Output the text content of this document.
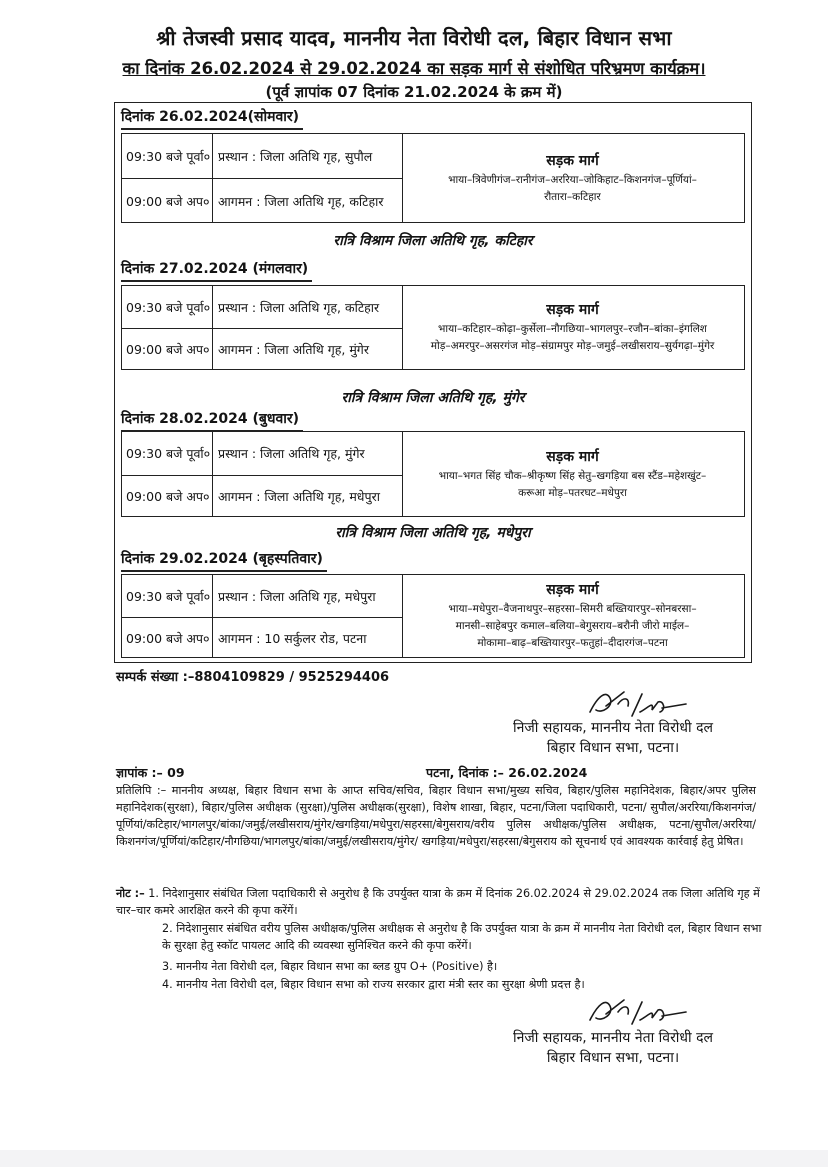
श्री तेजस्वी प्रसाद यादव, माननीय नेता विरोधी दल, बिहार विधान सभा
का दिनांक 26.02.2024 से 29.02.2024 का सड़क मार्ग से संशोधित परिभ्रमण कार्यक्रम।
(पूर्व ज्ञापांक 07 दिनांक 21.02.2024 के क्रम में)
दिनांक 26.02.2024(सोमवार)
09:30 बजे पूर्वा० प्रस्थान : जिला अतिथि गृह, सुपौल
09:00 बजे अप० आगमन : जिला अतिथि गृह, कटिहार
सड़क मार्ग
भाया–त्रिवेणीगंज–रानीगंज–अररिया–जोकिहाट–किशनगंज–पूर्णियां–
रौतारा–कटिहार
रात्रि विश्राम जिला अतिथि गृह, कटिहार
दिनांक 27.02.2024 (मंगलवार)
09:30 बजे पूर्वा० प्रस्थान : जिला अतिथि गृह, कटिहार
09:00 बजे अप० आगमन : जिला अतिथि गृह, मुंगेर
सड़क मार्ग
भाया–कटिहार–कोढ़ा–कुर्सेला–नौगछिया–भागलपुर–रजौन–बांका–इंगलिश
मोड़–अमरपुर–असरगंज मोड़–संग्रामपुर मोड़–जमुई–लखीसराय–सुर्यगढ़ा–मुंगेर
रात्रि विश्राम जिला अतिथि गृह, मुंगेर
दिनांक 28.02.2024 (बुधवार)
09:30 बजे पूर्वा० प्रस्थान : जिला अतिथि गृह, मुंगेर
09:00 बजे अप० आगमन : जिला अतिथि गृह, मधेपुरा
सड़क मार्ग
भाया–भगत सिंह चौक–श्रीकृष्ण सिंह सेतु–खगड़िया बस स्टैंड–महेशखुंट–
करूआ मोड़–पतरघट–मधेपुरा
रात्रि विश्राम जिला अतिथि गृह, मधेपुरा
दिनांक 29.02.2024 (बृहस्पतिवार)
09:30 बजे पूर्वा० प्रस्थान : जिला अतिथि गृह, मधेपुरा
09:00 बजे अप० आगमन : 10 सर्कुलर रोड, पटना
सड़क मार्ग
भाया–मधेपुरा–वैजनाथपुर–सहरसा–सिमरी बख्तियारपुर–सोनबरसा–
मानसी–साहेबपुर कमाल–बलिया–बेगुसराय–बरौनी जीरो माईल–
मोकामा–बाढ़–बख्तियारपुर–फतुहां–दीदारगंज–पटना
सम्पर्क संख्या :–8804109829 / 9525294406
निजी सहायक, माननीय नेता विरोधी दल
बिहार विधान सभा, पटना।
ज्ञापांक :– 09	पटना, दिनांक :– 26.02.2024
प्रतिलिपि :– माननीय अध्यक्ष, बिहार विधान सभा के आप्त सचिव/सचिव, बिहार विधान सभा/मुख्य सचिव, बिहार/पुलिस महानिदेशक, बिहार/अपर पुलिस महानिदेशक(सुरक्षा), बिहार/पुलिस अधीक्षक (सुरक्षा)/पुलिस अधीक्षक(सुरक्षा), विशेष शाखा, बिहार, पटना/जिला पदाधिकारी, पटना/ सुपौल/अररिया/किशनगंज/पूर्णियां/कटिहार/भागलपुर/बांका/जमुई/लखीसराय/मुंगेर/खगड़िया/मधेपुरा/सहरसा/बेगुसराय/वरीय पुलिस अधीक्षक/पुलिस अधीक्षक, पटना/सुपौल/अररिया/किशनगंज/पूर्णियां/कटिहार/नौगछिया/भागलपुर/बांका/जमुई/लखीसराय/मुंगेर/ खगड़िया/मधेपुरा/सहरसा/बेगुसराय को सूचनार्थ एवं आवश्यक कार्रवाई हेतु प्रेषित।
नोट :– 1. निदेशानुसार संबंधित जिला पदाधिकारी से अनुरोध है कि उपर्युक्त यात्रा के क्रम में दिनांक 26.02.2024 से 29.02.2024 तक जिला अतिथि गृह में चार–चार कमरे आरक्षित करने की कृपा करेंगें।
2. निदेशानुसार संबंधित वरीय पुलिस अधीक्षक/पुलिस अधीक्षक से अनुरोध है कि उपर्युक्त यात्रा के क्रम में माननीय नेता विरोधी दल, बिहार विधान सभा के सुरक्षा हेतु स्कॉट पायलट आदि की व्यवस्था सुनिश्चित करने की कृपा करेंगें।
3. माननीय नेता विरोधी दल, बिहार विधान सभा का ब्लड ग्रुप O+ (Positive) है।
4. माननीय नेता विरोधी दल, बिहार विधान सभा को राज्य सरकार द्वारा मंत्री स्तर का सुरक्षा श्रेणी प्रदत्त है।
निजी सहायक, माननीय नेता विरोधी दल
बिहार विधान सभा, पटना।
